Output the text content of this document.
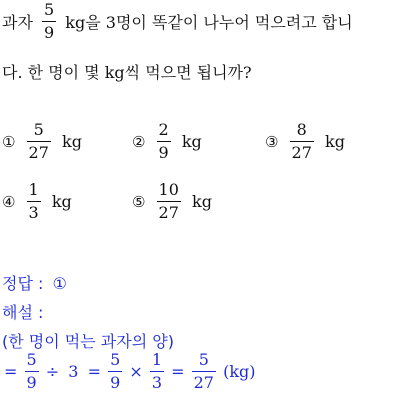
과자 $\frac{5}{9}$ kg을 3명이 똑같이 나누어 먹으려고 합니
다. 한 명이 몇 kg씩 먹으면 됩니까?
① $\frac{5}{27}$ kg	② $\frac{2}{9}$ kg	③ $\frac{8}{27}$ kg
④ $\frac{1}{3}$ kg	⑤ $\frac{10}{27}$ kg
정답 : ①
해설 :
(한 명이 먹는 과자의 양)
= $\frac{5}{9} \div 3 = \frac{5}{9} \times \frac{1}{3} = \frac{5}{27} (kg)$
